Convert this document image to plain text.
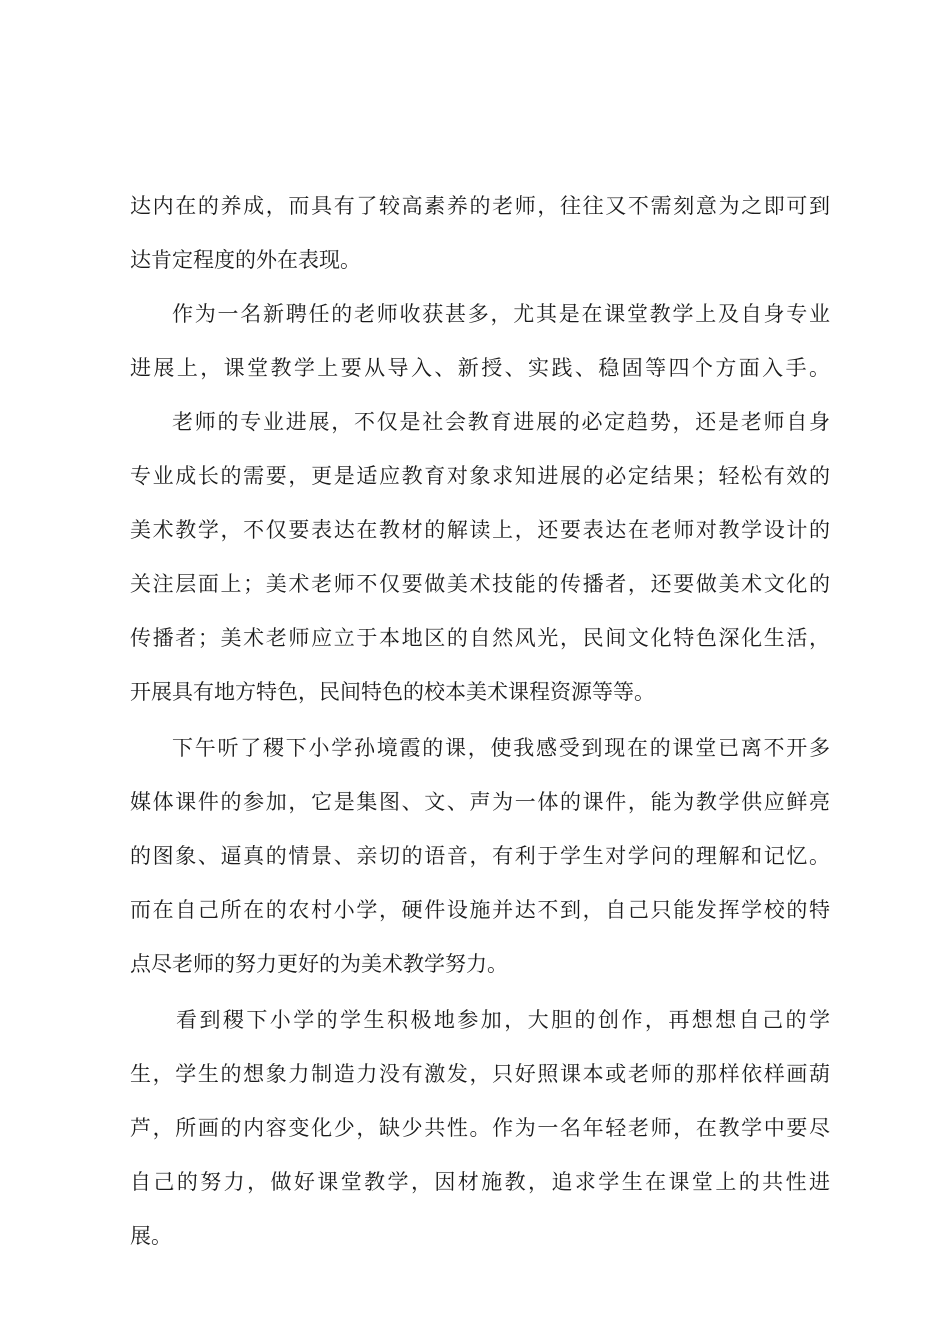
达内在的养成，而具有了较高素养的老师，往往又不需刻意为之即可到
达肯定程度的外在表现。
作为一名新聘任的老师收获甚多，尤其是在课堂教学上及自身专业
进展上，课堂教学上要从导入、新授、实践、稳固等四个方面入手。
老师的专业进展，不仅是社会教育进展的必定趋势，还是老师自身
专业成长的需要，更是适应教育对象求知进展的必定结果；轻松有效的
美术教学，不仅要表达在教材的解读上，还要表达在老师对教学设计的
关注层面上；美术老师不仅要做美术技能的传播者，还要做美术文化的
传播者；美术老师应立于本地区的自然风光，民间文化特色深化生活，
开展具有地方特色，民间特色的校本美术课程资源等等。
下午听了稷下小学孙境霞的课，使我感受到现在的课堂已离不开多
媒体课件的参加，它是集图、文、声为一体的课件，能为教学供应鲜亮
的图象、逼真的情景、亲切的语音，有利于学生对学问的理解和记忆。
而在自己所在的农村小学，硬件设施并达不到，自己只能发挥学校的特
点尽老师的努力更好的为美术教学努力。
看到稷下小学的学生积极地参加，大胆的创作，再想想自己的学
生，学生的想象力制造力没有激发，只好照课本或老师的那样依样画葫
芦，所画的内容变化少，缺少共性。作为一名年轻老师，在教学中要尽
自己的努力，做好课堂教学，因材施教，追求学生在课堂上的共性进
展。
